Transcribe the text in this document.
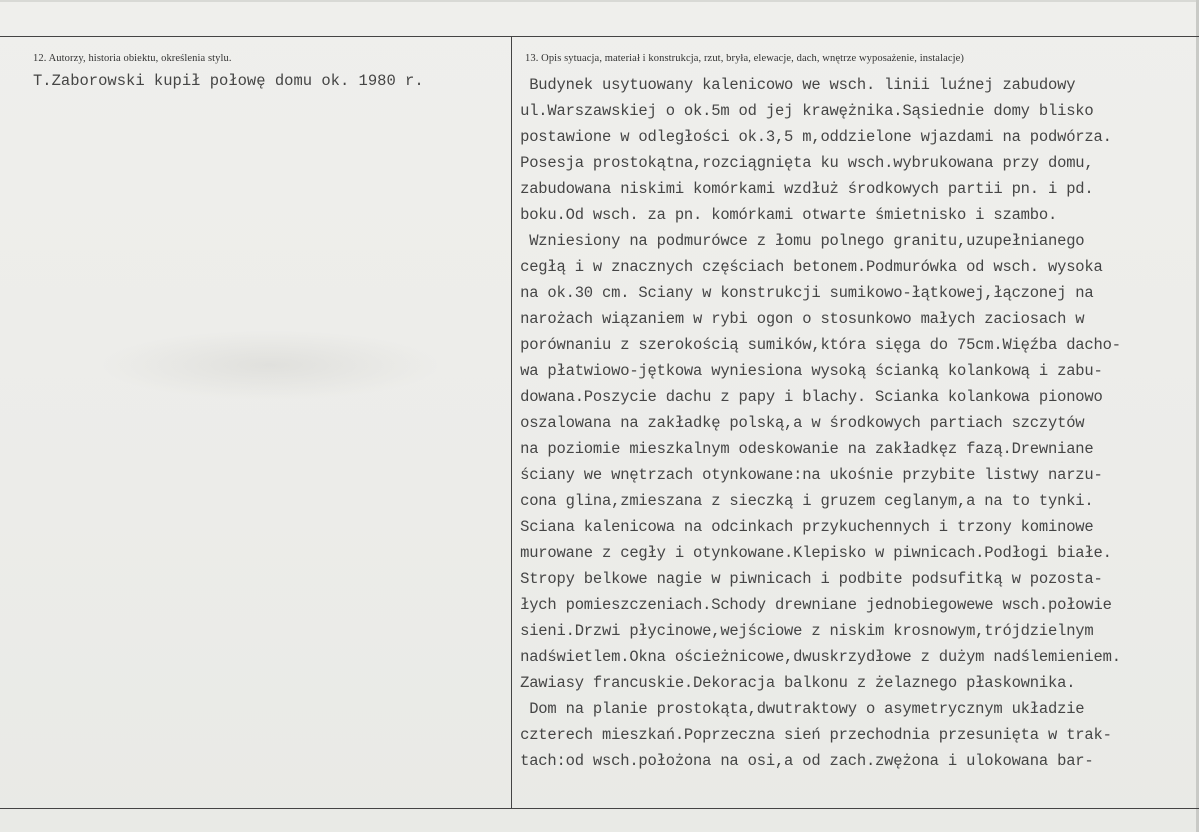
12. Autorzy, historia obiektu, określenia stylu.
T.Zaborowski kupił połowę domu ok. 1980 r.
13. Opis sytuacja, materiał i konstrukcja, rzut, bryła, elewacje, dach, wnętrze wyposażenie, instalacje)
Budynek usytuowany kalenicowo we wsch. linii luźnej zabudowy
ul.Warszawskiej o ok.5m od jej krawężnika.Sąsiednie domy blisko
postawione w odległości ok.3,5 m,oddzielone wjazdami na podwórza.
Posesja prostokątna,rozciągnięta ku wsch.wybrukowana przy domu,
zabudowana niskimi komórkami wzdłuż środkowych partii pn. i pd.
boku.Od wsch. za pn. komórkami otwarte śmietnisko i szambo.
Wzniesiony na podmurówce z łomu polnego granitu,uzupełnianego
cegłą i w znacznych częściach betonem.Podmurówka od wsch. wysoka
na ok.30 cm. Sciany w konstrukcji sumikowo-łątkowej,łączonej na
narożach wiązaniem w rybi ogon o stosunkowo małych zaciosach w
porównaniu z szerokością sumików,która sięga do 75cm.Więźba dacho-
wa płatwiowo-jętkowa wyniesiona wysoką ścianką kolankową i zabu-
dowana.Poszycie dachu z papy i blachy. Scianka kolankowa pionowo
oszalowana na zakładkę polską,a w środkowych partiach szczytów
na poziomie mieszkalnym odeskowanie na zakładkęz fazą.Drewniane
ściany we wnętrzach otynkowane:na ukośnie przybite listwy narzu-
cona glina,zmieszana z sieczką i gruzem ceglanym,a na to tynki.
Sciana kalenicowa na odcinkach przykuchennych i trzony kominowe
murowane z cegły i otynkowane.Klepisko w piwnicach.Podłogi białe.
Stropy belkowe nagie w piwnicach i podbite podsufitką w pozosta-
łych pomieszczeniach.Schody drewniane jednobiegowewe wsch.połowie
sieni.Drzwi płycinowe,wejściowe z niskim krosnowym,trójdzielnym
nadświetlem.Okna ościeżnicowe,dwuskrzydłowe z dużym nadślemieniem.
Zawiasy francuskie.Dekoracja balkonu z żelaznego płaskownika.
Dom na planie prostokąta,dwutraktowy o asymetrycznym układzie
czterech mieszkań.Poprzeczna sień przechodnia przesunięta w trak-
tach:od wsch.położona na osi,a od zach.zwężona i ulokowana bar-
